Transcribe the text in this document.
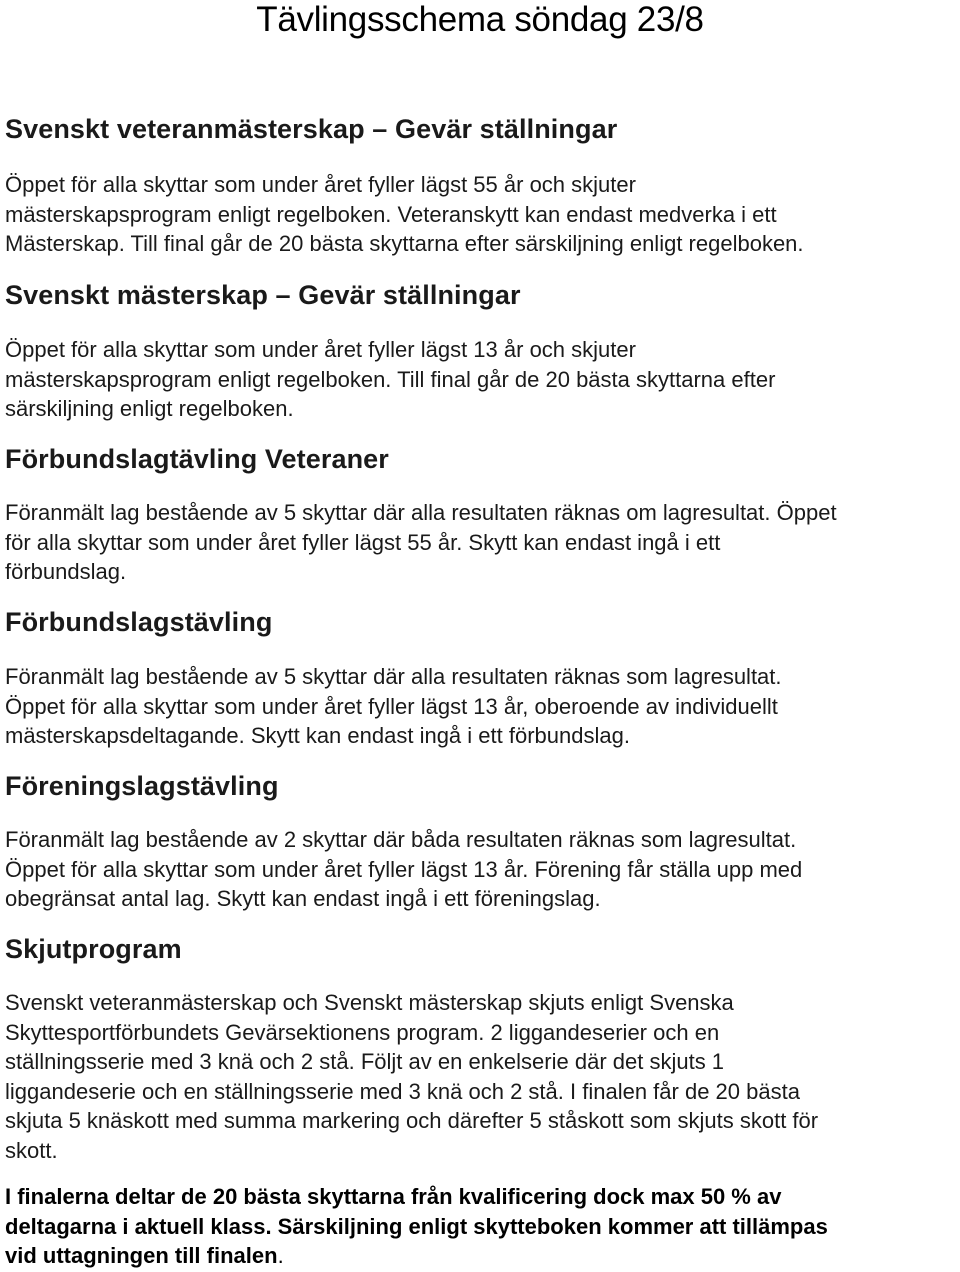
Tävlingsschema söndag 23/8
Svenskt veteranmästerskap – Gevär ställningar

Öppet för alla skyttar som under året fyller lägst 55 år och skjuter
mästerskapsprogram enligt regelboken. Veteranskytt kan endast medverka i ett
Mästerskap. Till final går de 20 bästa skyttarna efter särskiljning enligt regelboken.

Svenskt mästerskap – Gevär ställningar

Öppet för alla skyttar som under året fyller lägst 13 år och skjuter
mästerskapsprogram enligt regelboken. Till final går de 20 bästa skyttarna efter
särskiljning enligt regelboken.

Förbundslagtävling Veteraner

Föranmält lag bestående av 5 skyttar där alla resultaten räknas om lagresultat. Öppet
för alla skyttar som under året fyller lägst 55 år. Skytt kan endast ingå i ett
förbundslag.

Förbundslagstävling

Föranmält lag bestående av 5 skyttar där alla resultaten räknas som lagresultat.
Öppet för alla skyttar som under året fyller lägst 13 år, oberoende av individuellt
mästerskapsdeltagande. Skytt kan endast ingå i ett förbundslag.

Föreningslagstävling

Föranmält lag bestående av 2 skyttar där båda resultaten räknas som lagresultat.
Öppet för alla skyttar som under året fyller lägst 13 år. Förening får ställa upp med
obegränsat antal lag. Skytt kan endast ingå i ett föreningslag.

Skjutprogram

Svenskt veteranmästerskap och Svenskt mästerskap skjuts enligt Svenska
Skyttesportförbundets Gevärsektionens program. 2 liggandeserier och en
ställningsserie med 3 knä och 2 stå. Följt av en enkelserie där det skjuts 1
liggandeserie och en ställningsserie med 3 knä och 2 stå. I finalen får de 20 bästa
skjuta 5 knäskott med summa markering och därefter 5 ståskott som skjuts skott för
skott.

I finalerna deltar de 20 bästa skyttarna från kvalificering dock max 50 % av
deltagarna i aktuell klass. Särskiljning enligt skytteboken kommer att tillämpas
vid uttagningen till finalen.
